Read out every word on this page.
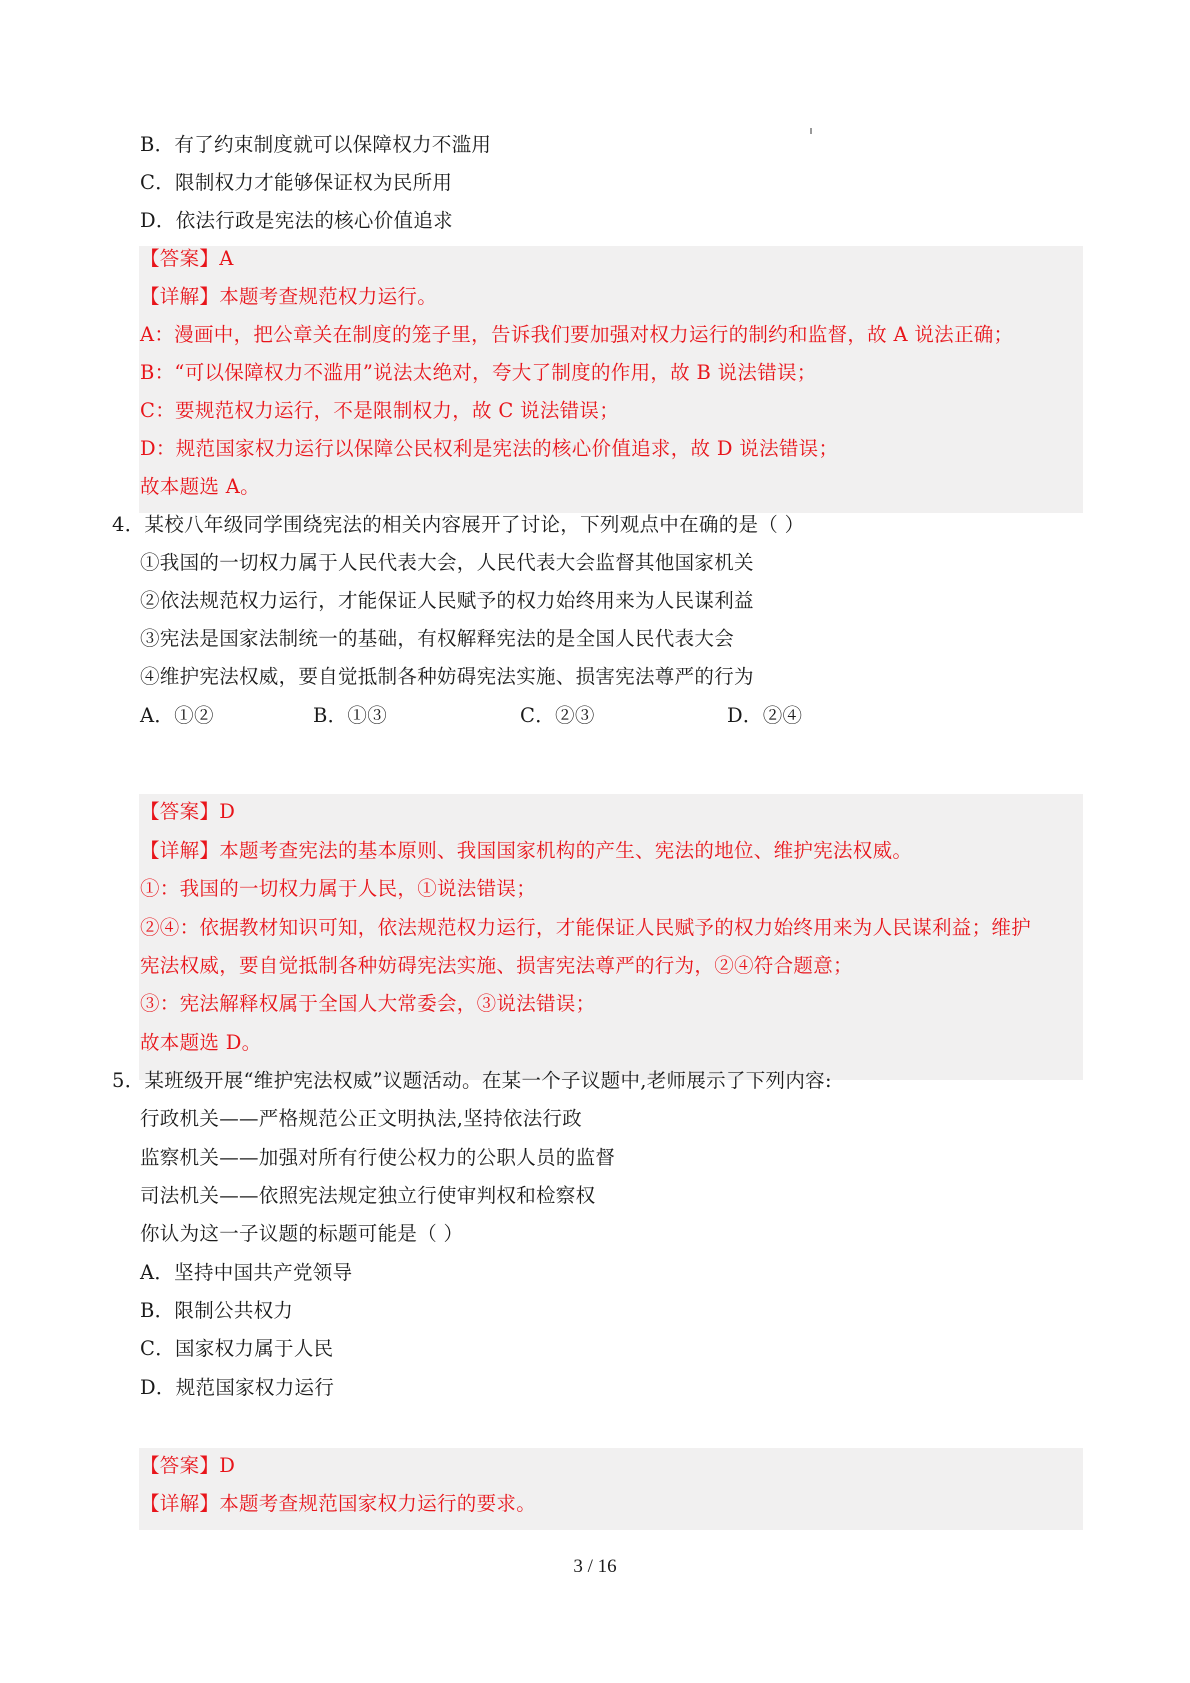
B．有了约束制度就可以保障权力不滥用
C．限制权力才能够保证权为民所用
D．依法行政是宪法的核心价值追求
【答案】A
【详解】本题考查规范权力运行。
A：漫画中，把公章关在制度的笼子里，告诉我们要加强对权力运行的制约和监督，故 A 说法正确；
B：“可以保障权力不滥用”说法太绝对，夸大了制度的作用，故 B 说法错误；
C：要规范权力运行，不是限制权力，故 C 说法错误；
D：规范国家权力运行以保障公民权利是宪法的核心价值追求，故 D 说法错误；
故本题选 A。
4．某校八年级同学围绕宪法的相关内容展开了讨论，下列观点中在确的是（ ）
①我国的一切权力属于人民代表大会，人民代表大会监督其他国家机关
②依法规范权力运行，才能保证人民赋予的权力始终用来为人民谋利益
③宪法是国家法制统一的基础，有权解释宪法的是全国人民代表大会
④维护宪法权威，要自觉抵制各种妨碍宪法实施、损害宪法尊严的行为
A．①②	B．①③	C．②③	D．②④
【答案】D
【详解】本题考查宪法的基本原则、我国国家机构的产生、宪法的地位、维护宪法权威。
①：我国的一切权力属于人民，①说法错误；
②④：依据教材知识可知，依法规范权力运行，才能保证人民赋予的权力始终用来为人民谋利益；维护
宪法权威，要自觉抵制各种妨碍宪法实施、损害宪法尊严的行为，②④符合题意；
③：宪法解释权属于全国人大常委会，③说法错误；
故本题选 D。
5．某班级开展“维护宪法权威”议题活动。在某一个子议题中,老师展示了下列内容:
行政机关——严格规范公正文明执法,坚持依法行政
监察机关——加强对所有行使公权力的公职人员的监督
司法机关——依照宪法规定独立行使审判权和检察权
你认为这一子议题的标题可能是（ ）
A．坚持中国共产党领导
B．限制公共权力
C．国家权力属于人民
D．规范国家权力运行
【答案】D
【详解】本题考查规范国家权力运行的要求。
3 / 16
